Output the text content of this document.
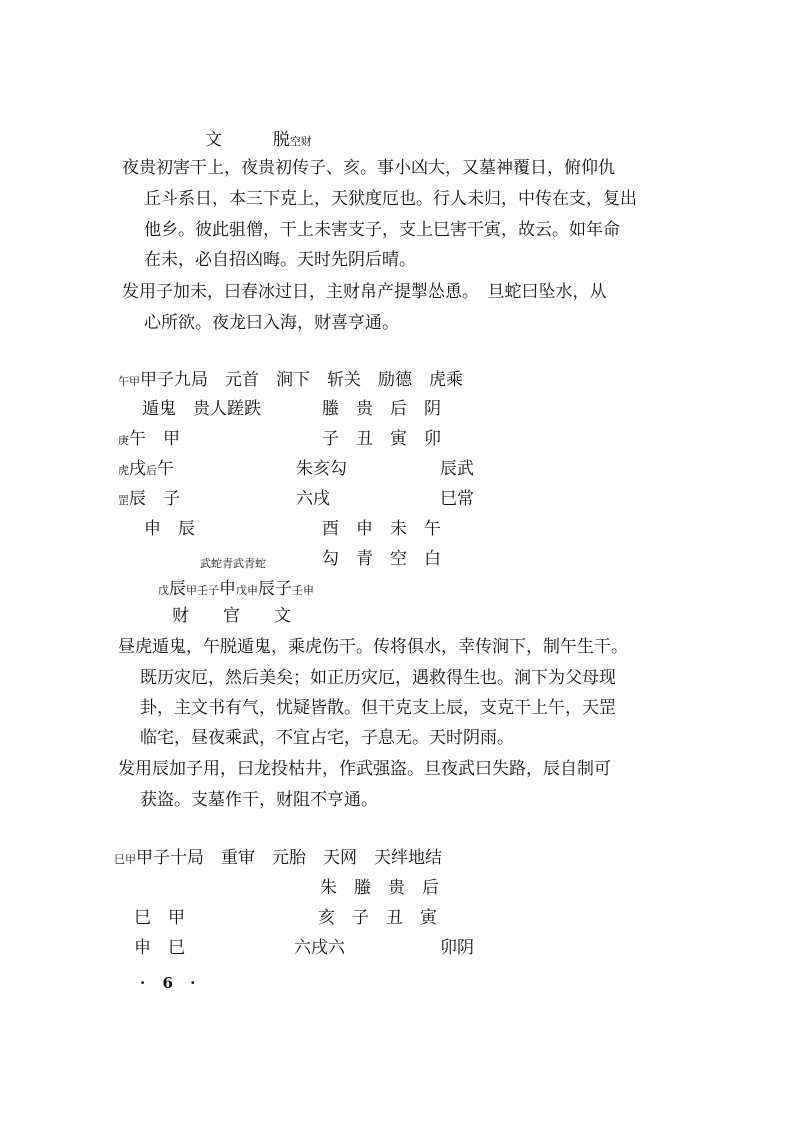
文	脱空财
夜贵初害干上，夜贵初传子、亥。事小凶大，又墓神覆日，俯仰仇
丘斗系日，本三下克上，天狱度厄也。行人未归，中传在支，复出
他乡。彼此驵僧，干上未害支子，支上巳害干寅，故云。如年命
在未，必自招凶晦。天时先阴后晴。
发用子加未，曰春冰过日，主财帛产提掣怂恿。　旦蛇曰坠水，从
心所欲。夜龙曰入海，财喜亨通。
午甲甲子九局　元首　涧下　斩关　励德　虎乘
遁鬼　贵人蹉跌	螣　贵　后　阴
庚午　甲	子　丑　寅　卯
虎戌后午	朱亥勾	辰武
罡辰　子	六戌	巳常
申　辰	酉　申　未　午
武蛇青武青蛇	勾　青　空　白
戊辰甲壬子申戊申辰子壬申
财　　官　　文
昼虎遁鬼，午脱遁鬼，乘虎伤干。传将俱水，幸传涧下，制午生干。
既历灾厄，然后美矣；如正历灾厄，遇救得生也。涧下为父母现
卦，主文书有气，忧疑皆散。但干克支上辰，支克干上午，天罡
临宅，昼夜乘武，不宜占宅，子息无。天时阴雨。
发用辰加子用，曰龙投枯井，作武强盗。旦夜武曰失路，辰自制可
获盗。支墓作干，财阻不亨通。
巳甲甲子十局　重审　元胎　天网　天绊地结
朱　螣　贵　后
巳　甲	亥　子　丑　寅
申　巳	六戌六	卯阴
· 6 ·
